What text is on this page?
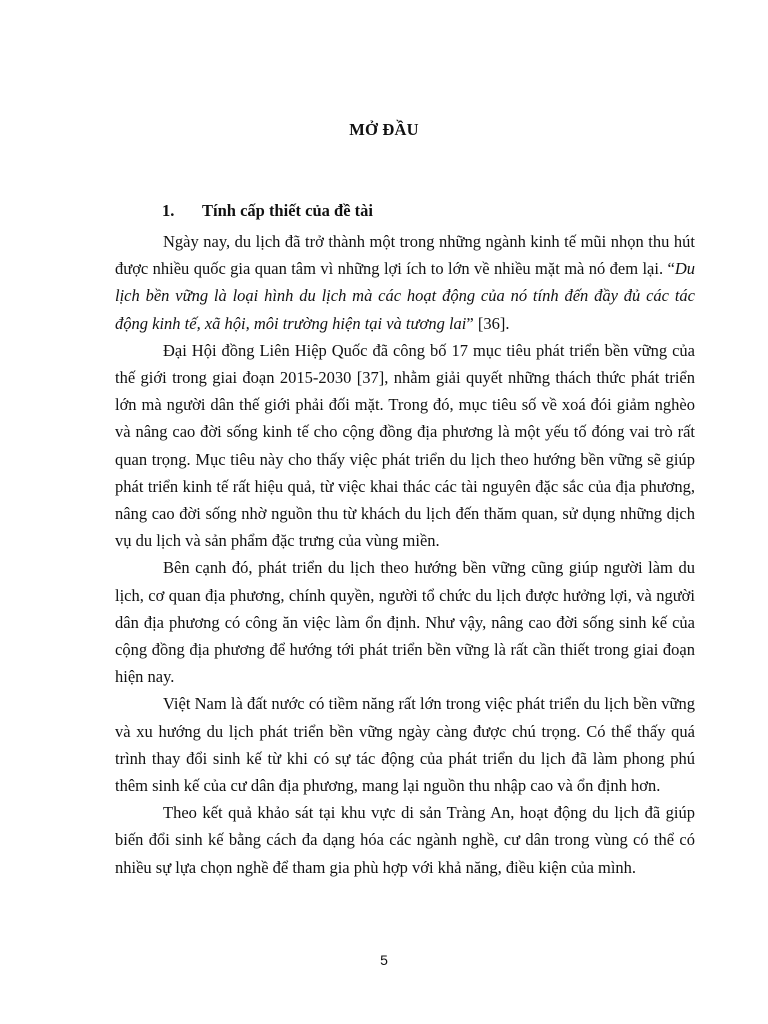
MỞ ĐẦU
1. Tính cấp thiết của đề tài

Ngày nay, du lịch đã trở thành một trong những ngành kinh tế mũi nhọn thu hút được nhiều quốc gia quan tâm vì những lợi ích to lớn về nhiều mặt mà nó đem lại. “Du lịch bền vững là loại hình du lịch mà các hoạt động của nó tính đến đầy đủ các tác động kinh tế, xã hội, môi trường hiện tại và tương lai” [36].

Đại Hội đồng Liên Hiệp Quốc đã công bố 17 mục tiêu phát triển bền vững của thế giới trong giai đoạn 2015-2030 [37], nhằm giải quyết những thách thức phát triển lớn mà người dân thế giới phải đối mặt. Trong đó, mục tiêu số về xoá đói giảm nghèo và nâng cao đời sống kinh tế cho cộng đồng địa phương là một yếu tố đóng vai trò rất quan trọng. Mục tiêu này cho thấy việc phát triển du lịch theo hướng bền vững sẽ giúp phát triển kinh tế rất hiệu quả, từ việc khai thác các tài nguyên đặc sắc của địa phương, nâng cao đời sống nhờ nguồn thu từ khách du lịch đến thăm quan, sử dụng những dịch vụ du lịch và sản phẩm đặc trưng của vùng miền.

Bên cạnh đó, phát triển du lịch theo hướng bền vững cũng giúp người làm du lịch, cơ quan địa phương, chính quyền, người tổ chức du lịch được hưởng lợi, và người dân địa phương có công ăn việc làm ổn định. Như vậy, nâng cao đời sống sinh kế của cộng đồng địa phương để hướng tới phát triển bền vững là rất cần thiết trong giai đoạn hiện nay.

Việt Nam là đất nước có tiềm năng rất lớn trong việc phát triển du lịch bền vững và xu hướng du lịch phát triển bền vững ngày càng được chú trọng. Có thể thấy quá trình thay đổi sinh kế từ khi có sự tác động của phát triển du lịch đã làm phong phú thêm sinh kế của cư dân địa phương, mang lại nguồn thu nhập cao và ổn định hơn.

Theo kết quả khảo sát tại khu vực di sản Tràng An, hoạt động du lịch đã giúp biến đổi sinh kế bằng cách đa dạng hóa các ngành nghề, cư dân trong vùng có thể có nhiều sự lựa chọn nghề để tham gia phù hợp với khả năng, điều kiện của mình.

5
